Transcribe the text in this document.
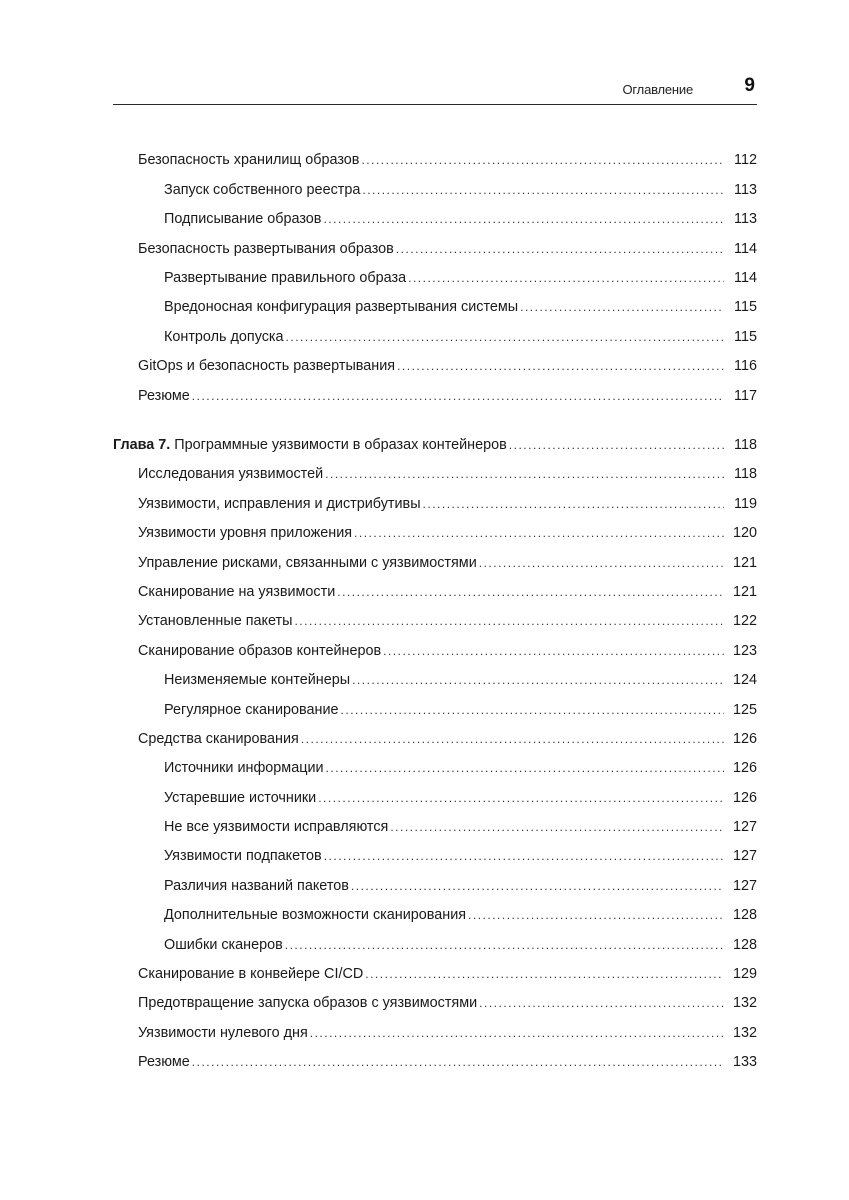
Оглавление	9
Безопасность хранилищ образов .....	112
Запуск собственного реестра .....	113
Подписывание образов .....	113
Безопасность развертывания образов .....	114
Развертывание правильного образа .....	114
Вредоносная конфигурация развертывания системы .....	115
Контроль допуска .....	115
GitOps и безопасность развертывания .....	116
Резюме .....	117
Глава 7. Программные уязвимости в образах контейнеров .....	118
Исследования уязвимостей .....	118
Уязвимости, исправления и дистрибутивы .....	119
Уязвимости уровня приложения .....	120
Управление рисками, связанными с уязвимостями .....	121
Сканирование на уязвимости .....	121
Установленные пакеты .....	122
Сканирование образов контейнеров .....	123
Неизменяемые контейнеры .....	124
Регулярное сканирование .....	125
Средства сканирования .....	126
Источники информации .....	126
Устаревшие источники .....	126
Не все уязвимости исправляются .....	127
Уязвимости подпакетов .....	127
Различия названий пакетов .....	127
Дополнительные возможности сканирования .....	128
Ошибки сканеров .....	128
Сканирование в конвейере CI/CD .....	129
Предотвращение запуска образов с уязвимостями .....	132
Уязвимости нулевого дня .....	132
Резюме .....	133
